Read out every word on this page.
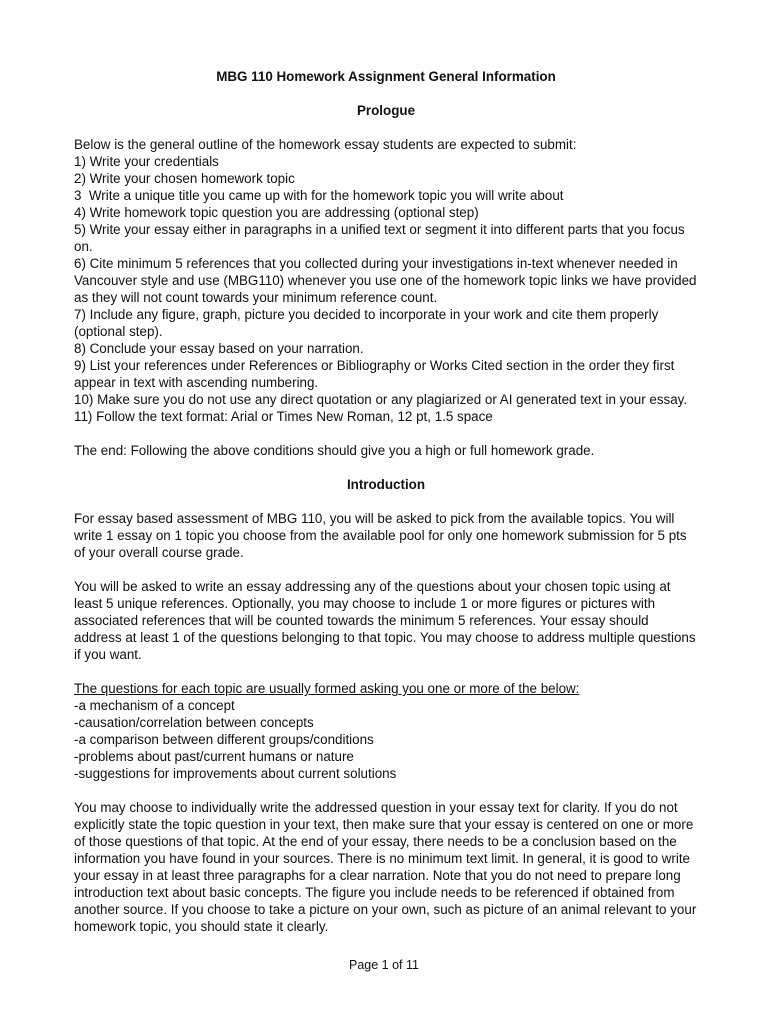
MBG 110 Homework Assignment General Information
Prologue
Below is the general outline of the homework essay students are expected to submit:
1) Write your credentials
2) Write your chosen homework topic
3  Write a unique title you came up with for the homework topic you will write about
4) Write homework topic question you are addressing (optional step)
5) Write your essay either in paragraphs in a unified text or segment it into different parts that you focus on.
6) Cite minimum 5 references that you collected during your investigations in-text whenever needed in Vancouver style and use (MBG110) whenever you use one of the homework topic links we have provided as they will not count towards your minimum reference count.
7) Include any figure, graph, picture you decided to incorporate in your work and cite them properly (optional step).
8) Conclude your essay based on your narration.
9) List your references under References or Bibliography or Works Cited section in the order they first appear in text with ascending numbering.
10) Make sure you do not use any direct quotation or any plagiarized or AI generated text in your essay.
11) Follow the text format: Arial or Times New Roman, 12 pt, 1.5 space
The end: Following the above conditions should give you a high or full homework grade.
Introduction
For essay based assessment of MBG 110, you will be asked to pick from the available topics. You will write 1 essay on 1 topic you choose from the available pool for only one homework submission for 5 pts of your overall course grade.
You will be asked to write an essay addressing any of the questions about your chosen topic using at least 5 unique references. Optionally, you may choose to include 1 or more figures or pictures with associated references that will be counted towards the minimum 5 references. Your essay should address at least 1 of the questions belonging to that topic. You may choose to address multiple questions if you want.
The questions for each topic are usually formed asking you one or more of the below:
-a mechanism of a concept
-causation/correlation between concepts
-a comparison between different groups/conditions
-problems about past/current humans or nature
-suggestions for improvements about current solutions
You may choose to individually write the addressed question in your essay text for clarity. If you do not explicitly state the topic question in your text, then make sure that your essay is centered on one or more of those questions of that topic. At the end of your essay, there needs to be a conclusion based on the information you have found in your sources. There is no minimum text limit. In general, it is good to write your essay in at least three paragraphs for a clear narration. Note that you do not need to prepare long introduction text about basic concepts. The figure you include needs to be referenced if obtained from another source. If you choose to take a picture on your own, such as picture of an animal relevant to your homework topic, you should state it clearly.
Page 1 of 11
